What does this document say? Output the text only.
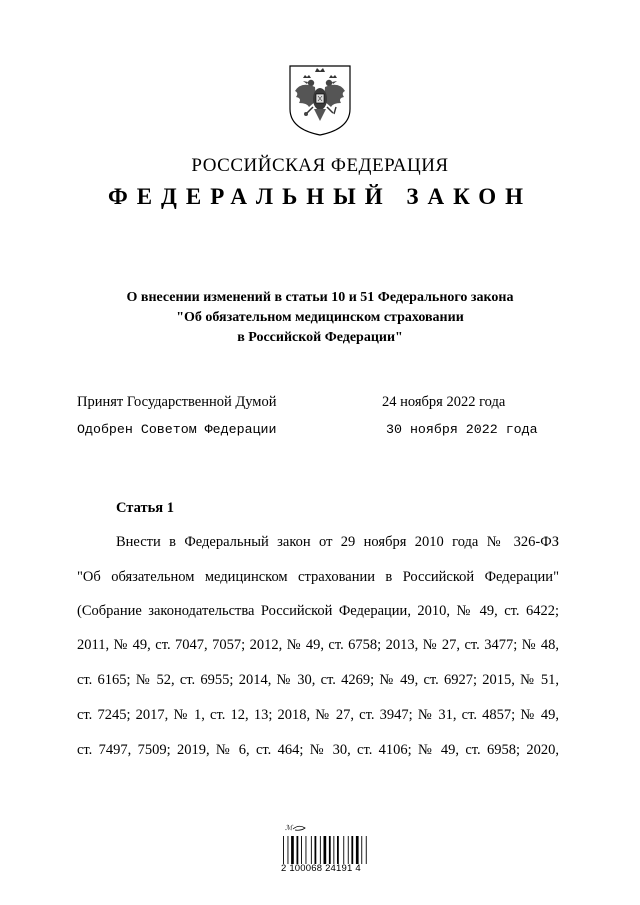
РОССИЙСКАЯ ФЕДЕРАЦИЯ
ФЕДЕРАЛЬНЫЙ ЗАКОН
О внесении изменений в статьи 10 и 51 Федерального закона
"Об обязательном медицинском страховании
в Российской Федерации"
Принят Государственной Думой	24 ноября 2022 года
Одобрен Советом Федерации	30 ноября 2022 года
Статья 1
Внести в Федеральный закон от 29 ноября 2010 года № 326-ФЗ
"Об обязательном медицинском страховании в Российской Федерации"
(Собрание законодательства Российской Федерации, 2010, № 49, ст. 6422;
2011, № 49, ст. 7047, 7057; 2012, № 49, ст. 6758; 2013, № 27, ст. 3477; № 48,
ст. 6165; № 52, ст. 6955; 2014, № 30, ст. 4269; № 49, ст. 6927; 2015, № 51,
ст. 7245; 2017, № 1, ст. 12, 13; 2018, № 27, ст. 3947; № 31, ст. 4857; № 49,
ст. 7497, 7509; 2019, № 6, ст. 464; № 30, ст. 4106; № 49, ст. 6958; 2020,
ℳ
2 100068 24191 4
